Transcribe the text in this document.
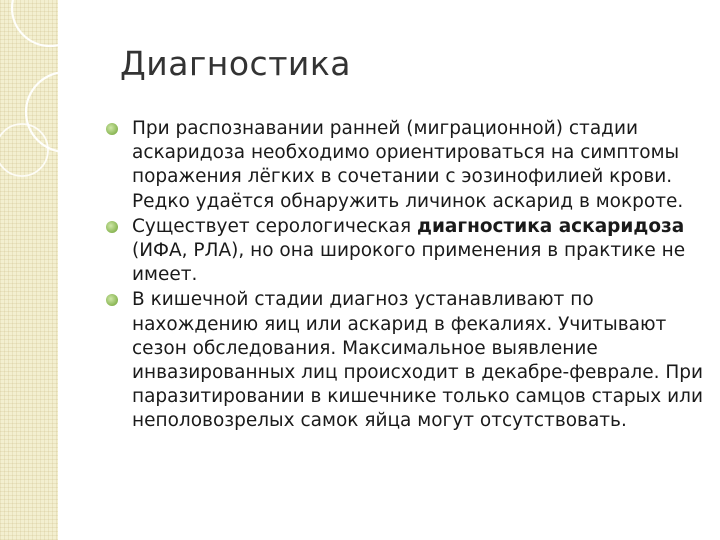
Диагностика
При распознавании ранней (миграционной) стадии аскаридоза необходимо ориентироваться на симптомы поражения лёгких в сочетании с эозинофилией крови. Редко удаётся обнаружить личинок аскарид в мокроте.
Существует серологическая диагностика аскаридоза (ИФА, РЛА), но она широкого применения в практике не имеет.
В кишечной стадии диагноз устанавливают по нахождению яиц или аскарид в фекалиях. Учитывают сезон обследования. Максимальное выявление инвазированных лиц происходит в декабре-феврале. При паразитировании в кишечнике только самцов старых или неполовозрелых самок яйца могут отсутствовать.
